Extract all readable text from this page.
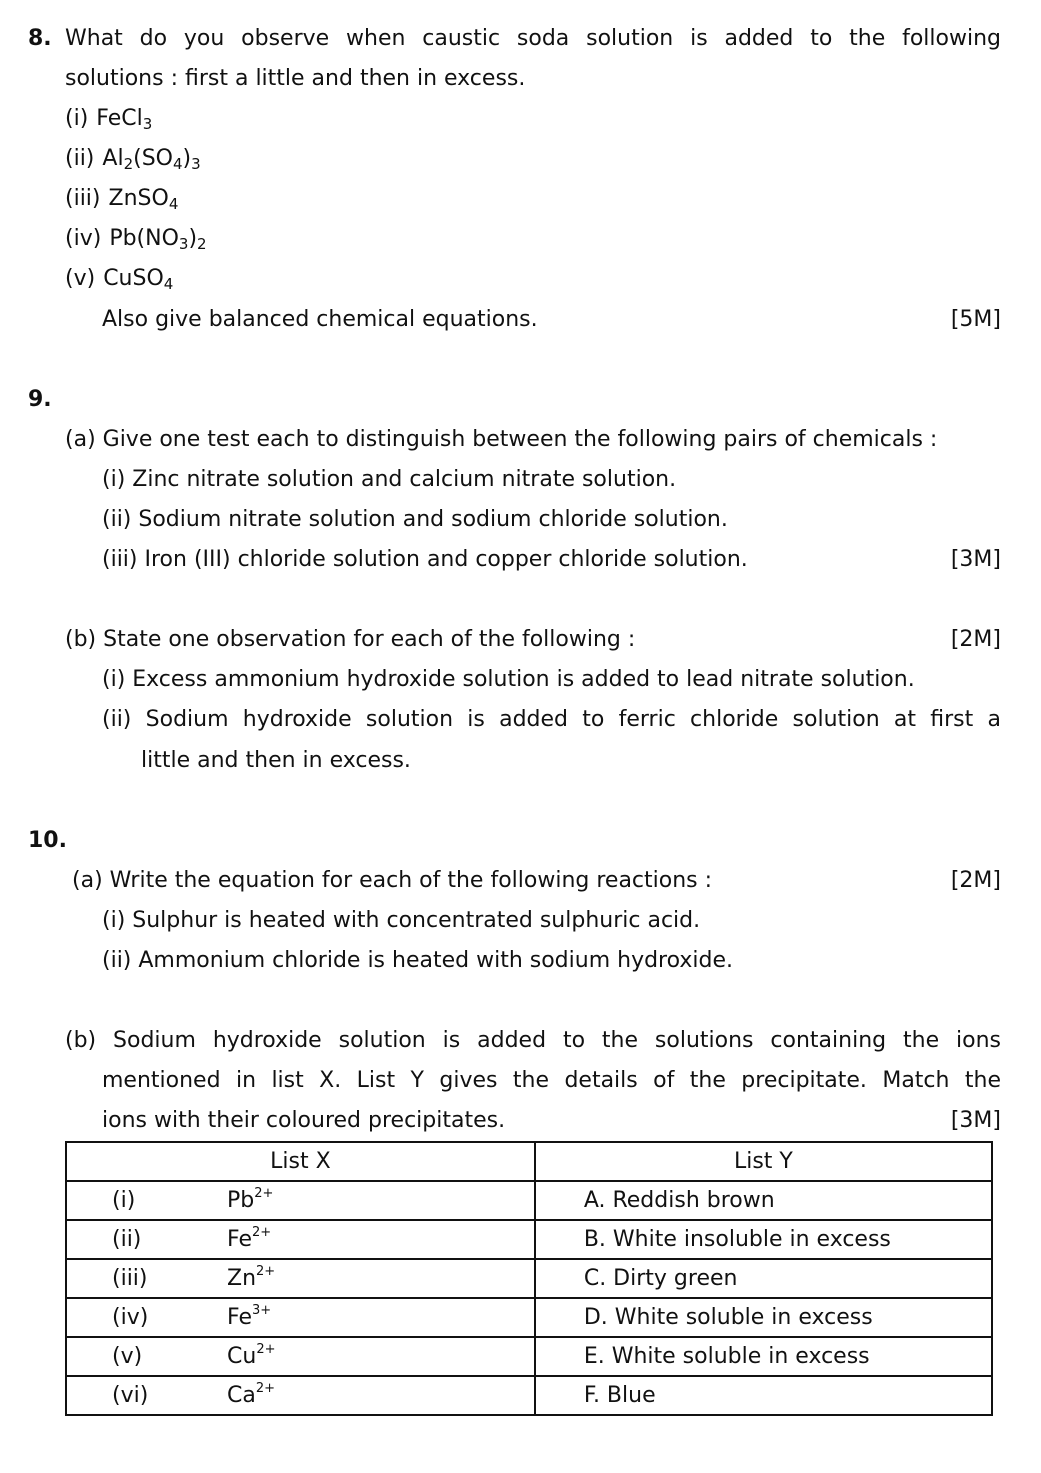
8. What do you observe when caustic soda solution is added to the following
solutions : first a little and then in excess.
(i) FeCl$_3$
(ii) $Al_2(SO_4)_3$
(iii) ZnSO$_4$
(iv) $Pb(NO_3)_2$
(v) CuSO$_4$
Also give balanced chemical equations.	[5M]
9.
(a) Give one test each to distinguish between the following pairs of chemicals :
(i) Zinc nitrate solution and calcium nitrate solution.
(ii) Sodium nitrate solution and sodium chloride solution.
(iii) Iron (III) chloride solution and copper chloride solution.	[3M]
(b) State one observation for each of the following :	[2M]
(i) Excess ammonium hydroxide solution is added to lead nitrate solution.
(ii) Sodium hydroxide solution is added to ferric chloride solution at first a
little and then in excess.
10.
(a) Write the equation for each of the following reactions :	[2M]
(i) Sulphur is heated with concentrated sulphuric acid.
(ii) Ammonium chloride is heated with sodium hydroxide.
(b) Sodium hydroxide solution is added to the solutions containing the ions
mentioned in list X. List Y gives the details of the precipitate. Match the
ions with their coloured precipitates.	[3M]
List X	List Y

(i) $Pb^{2+}$	A. Reddish brown

(ii) $Fe^{2+}$	B. White insoluble in excess

(iii) $Zn^{2+}$	C. Dirty green

(iv) $Fe^{3+}$	D. White soluble in excess

(v) $Cu^{2+}$	E. White soluble in excess

(vi) $Ca^{2+}$	F. Blue
